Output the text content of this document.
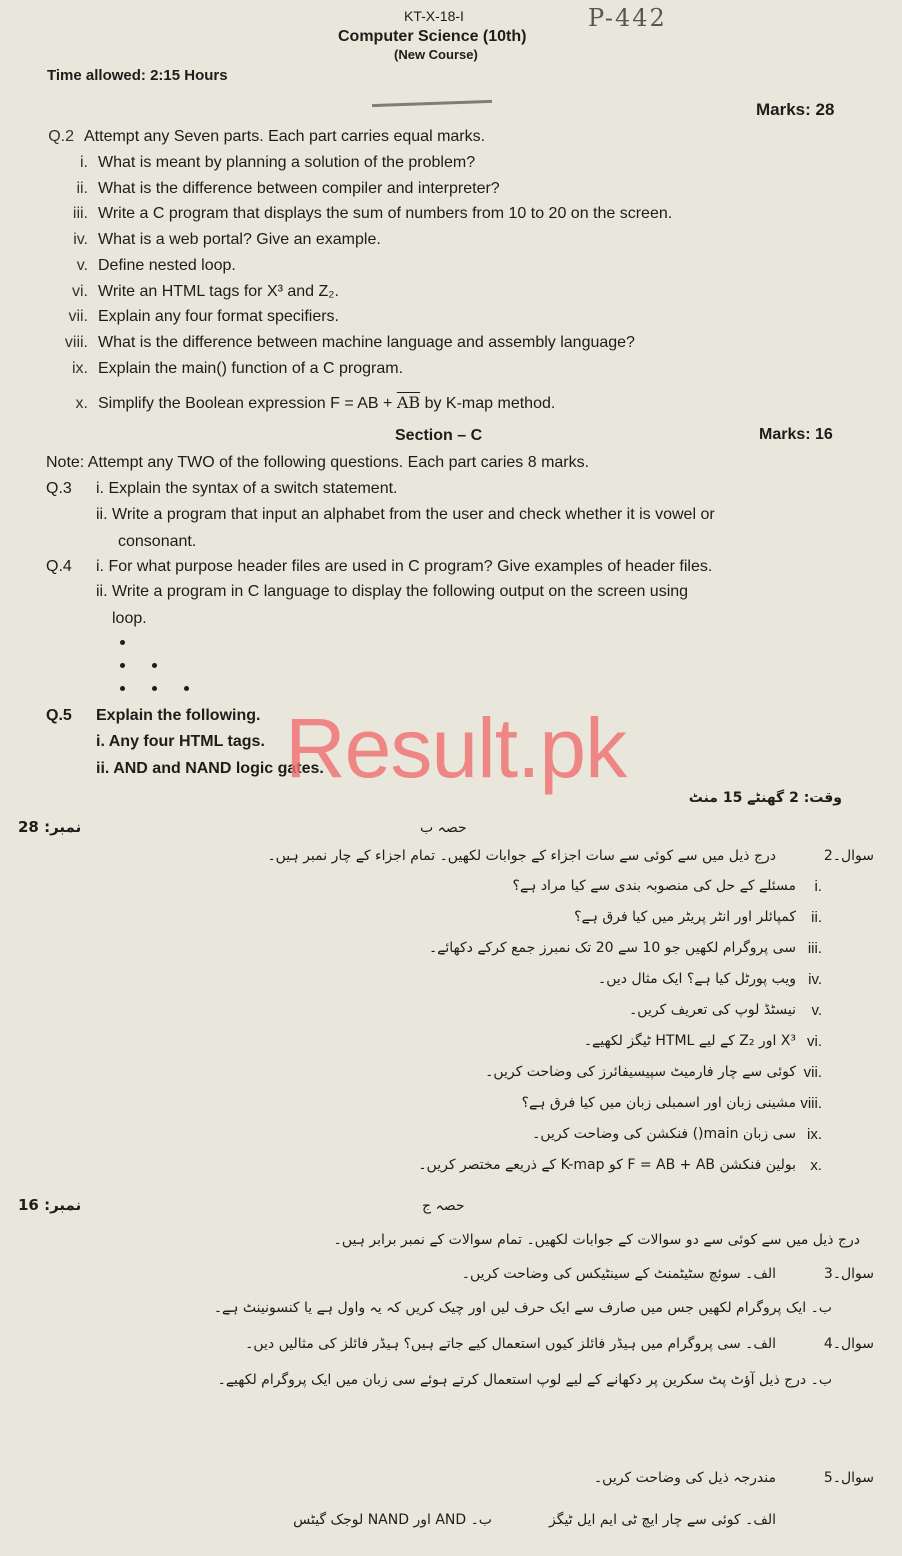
KT-X-18-I	P-442
Computer Science (10th)
(New Course)
Time allowed: 2:15 Hours
Marks: 28
Q.2 Attempt any Seven parts. Each part carries equal marks.
i. What is meant by planning a solution of the problem?
ii. What is the difference between compiler and interpreter?
iii. Write a C program that displays the sum of numbers from 10 to 20 on the screen.
iv. What is a web portal? Give an example.
v. Define nested loop.
vi. Write an HTML tags for X³ and Z₂.
vii. Explain any four format specifiers.
viii. What is the difference between machine language and assembly language?
ix. Explain the main() function of a C program.
x. Simplify the Boolean expression F = AB + $\overline{AB}$ by K-map method.
Section – C	Marks: 16
Note: Attempt any TWO of the following questions. Each part caries 8 marks.
Q.3 i. Explain the syntax of a switch statement.
ii. Write a program that input an alphabet from the user and check whether it is vowel or
consonant.
Q.4 i. For what purpose header files are used in C program? Give examples of header files.
ii. Write a program in C language to display the following output on the screen using
loop.
Q.5 Explain the following.
i. Any four HTML tags.
ii. AND and NAND logic gates.
Result.pk
وقت: 2 گھنٹے 15 منٹ
نمبر: 28	حصہ ب
سوال۔2
درج ذیل میں سے کوئی سے سات اجزاء کے جوابات لکھیں۔ تمام اجزاء کے چار نمبر ہیں۔
i.
مسئلے کے حل کی منصوبہ بندی سے کیا مراد ہے؟
ii.
کمپائلر اور انٹر پریٹر میں کیا فرق ہے؟
iii.
سی پروگرام لکھیں جو 10 سے 20 تک نمبرز جمع کرکے دکھائے۔
iv.
ویب پورٹل کیا ہے؟ ایک مثال دیں۔
v.
نیسٹڈ لوپ کی تعریف کریں۔
vi.
X³ اور Z₂ کے لیے HTML ٹیگز لکھیے۔
vii.
کوئی سے چار فارمیٹ سپیسیفائرز کی وضاحت کریں۔
viii.
مشینی زبان اور اسمبلی زبان میں کیا فرق ہے؟
ix.
سی زبان main() فنکشن کی وضاحت کریں۔
x.
بولین فنکشن F = AB + AB کو K-map کے ذریعے مختصر کریں۔
نمبر: 16	حصہ ج
درج ذیل میں سے کوئی سے دو سوالات کے جوابات لکھیں۔ تمام سوالات کے نمبر برابر ہیں۔
سوال۔3
الف۔ سوئچ سٹیٹمنٹ کے سینٹیکس کی وضاحت کریں۔
ب۔ ایک پروگرام لکھیں جس میں صارف سے ایک حرف لیں اور چیک کریں کہ یہ واول ہے یا کنسونینٹ ہے۔
سوال۔4
الف۔ سی پروگرام میں ہیڈر فائلز کیوں استعمال کیے جاتے ہیں؟ ہیڈر فائلز کی مثالیں دیں۔
ب۔ درج ذیل آؤٹ پٹ سکرین پر دکھانے کے لیے لوپ استعمال کرتے ہوئے سی زبان میں ایک پروگرام لکھیے۔
سوال۔5
مندرجہ ذیل کی وضاحت کریں۔
الف۔ کوئی سے چار ایچ ٹی ایم ایل ٹیگز
ب۔ AND اور NAND لوجک گیٹس
